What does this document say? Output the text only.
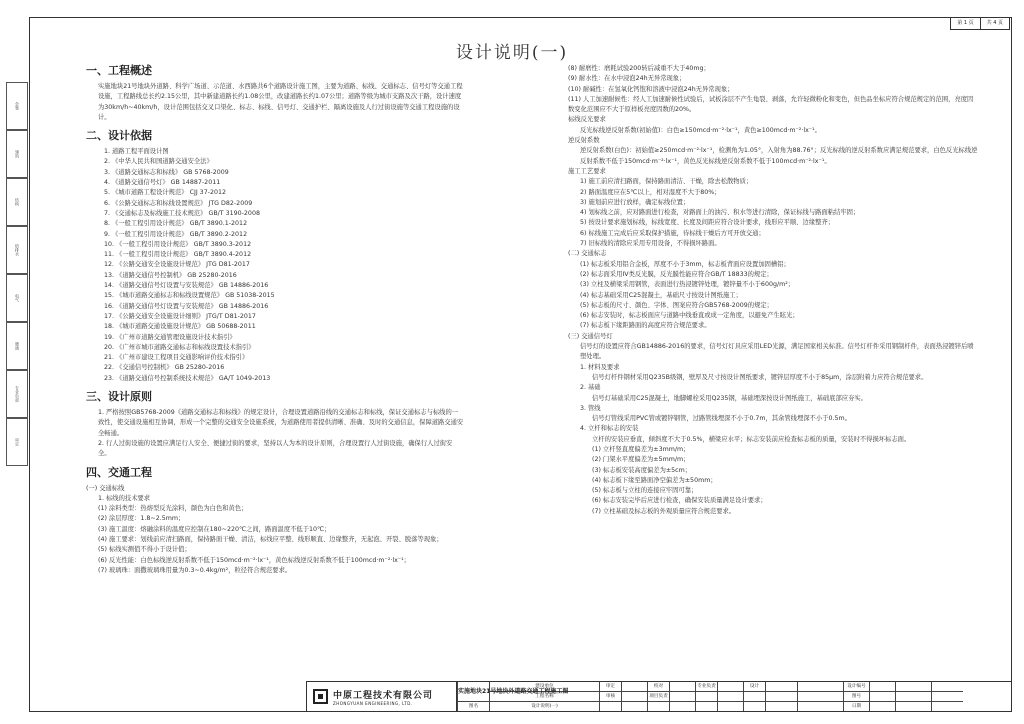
会签
建筑
结构
给排水
电气
暖通
专业负责
审定
第 1 页	共 4 页
设计说明(一)
一、工程概述

实施地块21号地块外道路、科学广场道、示范道、水西路共6个道路设计施工图，主要为道路、标线、交通标志、信号灯等交通工程设施，工程路线总长约2.15公里，其中新建道路长约1.08公里，改建道路长约1.07公里；道路等级为城市支路及次干路，设计速度为30km/h~40km/h，设计范围包括交叉口渠化、标志、标线、信号灯、交通护栏、隔离设施及人行过街设施等交通工程设施的设计。

二、设计依据

1. 道路工程平面设计图

2. 《中华人民共和国道路交通安全法》

3. 《道路交通标志和标线》 GB 5768-2009

4. 《道路交通信号灯》 GB 14887-2011

5. 《城市道路工程设计规范》 CJJ 37-2012

6. 《公路交通标志和标线设置规范》 JTG D82-2009

7. 《交通标志及标线施工技术规范》 GB/T 3190-2008

8. 《一般工程引用设计规范》 GB/T 3890.1-2012

9. 《一般工程引用设计规范》 GB/T 3890.2-2012

10. 《一般工程引用设计规范》 GB/T 3890.3-2012

11. 《一般工程引用设计规范》 GB/T 3890.4-2012

12. 《公路交通安全设施设计规范》 JTG D81-2017

13. 《道路交通信号控制机》 GB 25280-2016

14. 《道路交通信号灯设置与安装规范》 GB 14886-2016

15. 《城市道路交通标志和标线设置规范》 GB 51038-2015

16. 《道路交通信号灯设置与安装规范》 GB 14886-2016

17. 《公路交通安全设施设计细则》 JTG/T D81-2017

18. 《城市道路交通设施设计规范》 GB 50688-2011

19. 《广州市道路交通管理设施设计技术指引》

20. 《广州市城市道路交通标志和标线设置技术指引》

21. 《广州市建设工程项目交通影响评价技术指引》

22. 《交通信号控制机》 GB 25280-2016

23. 《道路交通信号控制系统技术规范》 GA/T 1049-2013

三、设计原则

1. 严格按照GB5768-2009《道路交通标志和标线》的规定设计，合理设置道路沿线的交通标志和标线，保证交通标志与标线的一致性，使交通设施相互协调，形成一个完整的交通安全设施系统，为道路使用者提供清晰、准确、及时的交通信息，保障道路交通安全畅通。

2. 行人过街设施的设置应满足行人安全、便捷过街的要求，坚持以人为本的设计原则，合理设置行人过街设施，确保行人过街安全。

四、交通工程

(一) 交通标线

1. 标线的技术要求

(1) 涂料类型：热熔型反光涂料，颜色为白色和黄色；

(2) 涂层厚度：1.8~2.5mm；

(3) 施工温度：熔融涂料的温度应控制在180~220℃之间，路面温度不低于10℃；

(4) 施工要求：划线前应清扫路面，保持路面干燥、清洁，标线应平整、线形顺直、边缘整齐，无起泡、开裂、脱落等现象；

(5) 标线实测值不得小于设计值；

(6) 反光性能：白色标线逆反射系数不低于150mcd·m⁻²·lx⁻¹，黄色标线逆反射系数不低于100mcd·m⁻²·lx⁻¹；

(7) 玻璃珠：面撒玻璃珠用量为0.3~0.4kg/m²，粒径符合规范要求。

(8) 耐磨性：磨耗试验200转后减重不大于40mg；

(9) 耐水性：在水中浸泡24h无异常现象；

(10) 耐碱性：在氢氧化钙饱和溶液中浸泡24h无异常现象；

(11) 人工加速耐候性：经人工加速耐候性试验后，试板涂层不产生龟裂、剥落，允许轻微粉化和变色，但色品坐标应符合规范规定的范围，亮度因数变化范围应不大于原样板亮度因数的20%。

标线反光要求

反光标线逆反射系数(初始值)：白色≥150mcd·m⁻²·lx⁻¹，黄色≥100mcd·m⁻²·lx⁻¹。

逆反射系数

逆反射系数(白色)：初始值≥250mcd·m⁻²·lx⁻¹，检测角为1.05°，入射角为88.76°；反光标线的逆反射系数应满足规范要求，白色反光标线逆反射系数不低于150mcd·m⁻²·lx⁻¹，黄色反光标线逆反射系数不低于100mcd·m⁻²·lx⁻¹。

施工工艺要求

1) 施工前应清扫路面，保持路面清洁、干燥，除去松散物质；

2) 路面温度应在5℃以上，相对湿度不大于80%；

3) 施划前应进行放样，确定标线位置；

4) 划标线之前，应对路面进行检查，对路面上的油污、积水等进行清除，保证标线与路面粘结牢固；

5) 按设计要求施划标线，标线宽度、长度及间距应符合设计要求，线形应平顺、边缘整齐；

6) 标线施工完成后应采取保护措施，待标线干燥后方可开放交通；

7) 旧标线的清除应采用专用设备，不得损坏路面。

(二) 交通标志

(1) 标志板采用铝合金板，厚度不小于3mm，标志板背面应设置加固槽铝；

(2) 标志面采用IV类反光膜，反光膜性能应符合GB/T 18833的规定；

(3) 立柱及横梁采用钢管，表面进行热浸镀锌处理，镀锌量不小于600g/m²；

(4) 标志基础采用C25混凝土，基础尺寸按设计图纸施工；

(5) 标志板的尺寸、颜色、字体、图案应符合GB5768-2009的规定；

(6) 标志安装时，标志板面应与道路中线垂直或成一定角度，以避免产生眩光；

(7) 标志板下缘距路面的高度应符合规范要求。

(三) 交通信号灯

信号灯的设置应符合GB14886-2016的要求，信号灯灯具应采用LED光源，满足国家相关标准。信号灯杆件采用钢制杆件，表面热浸镀锌后喷塑处理。

1. 材料及要求

信号灯杆件钢材采用Q235B级钢，壁厚及尺寸按设计图纸要求，镀锌层厚度不小于85μm，涂层附着力应符合规范要求。

2. 基础

信号灯基础采用C25混凝土，地脚螺栓采用Q235钢，基础埋深按设计图纸施工，基础底部应夯实。

3. 管线

信号灯管线采用PVC管或镀锌钢管，过路管线埋深不小于0.7m，其余管线埋深不小于0.5m。

4. 立杆和标志的安装

立杆的安装应垂直，倾斜度不大于0.5%，横梁应水平；标志安装前应检查标志板的质量，安装时不得损坏标志面。

(1) 立杆竖直度偏差为±3mm/m；

(2) 门架水平度偏差为±5mm/m；

(3) 标志板安装高度偏差为±5cm；

(4) 标志板下缘至路面净空偏差为±50mm；

(5) 标志板与立柱的连接应牢固可靠；

(6) 标志安装完毕后应进行检查，确保安装质量满足设计要求；

(7) 立柱基础及标志板的外观质量应符合规范要求。

中原工程技术有限公司
ZHONGYUAN ENGINEERING, LTD.
建设单位
实施地块21号地块外道路交通工程施工图
审定	校对	专业负责	设计	设计编号
工程名称	审核	项目负责	图号
图名	设计说明(一)	日期
